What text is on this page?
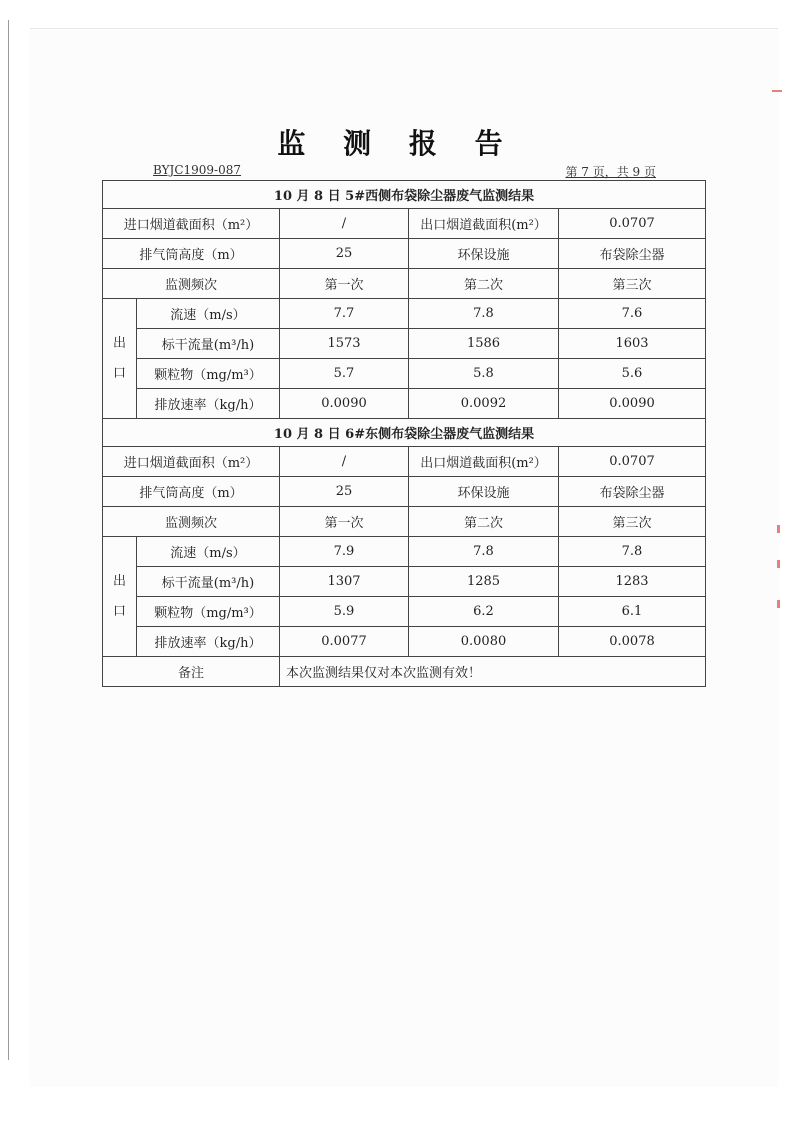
监 测 报 告
BYJC1909-087	第 7 页，共 9 页
10 月 8 日 5#西侧布袋除尘器废气监测结果				
进口烟道截面积（m²）		/	出口烟道截面积(m²）	0.0707
排气筒高度（m）		25	环保设施	布袋除尘器
监测频次		第一次	第二次	第三次

出
口	流速（m/s）	7.7	7.8	7.6
	标干流量(m³/h)	1573	1586	1603
	颗粒物（mg/m³）	5.7	5.8	5.6
	排放速率（kg/h）	0.0090	0.0092	0.0090
10 月 8 日 6#东侧布袋除尘器废气监测结果				
进口烟道截面积（m²）		/	出口烟道截面积(m²）	0.0707
排气筒高度（m）		25	环保设施	布袋除尘器
监测频次		第一次	第二次	第三次

出
口	流速（m/s）	7.9	7.8	7.8
	标干流量(m³/h)	1307	1285	1283
	颗粒物（mg/m³）	5.9	6.2	6.1
	排放速率（kg/h）	0.0077	0.0080	0.0078
备注		本次监测结果仅对本次监测有效！		
